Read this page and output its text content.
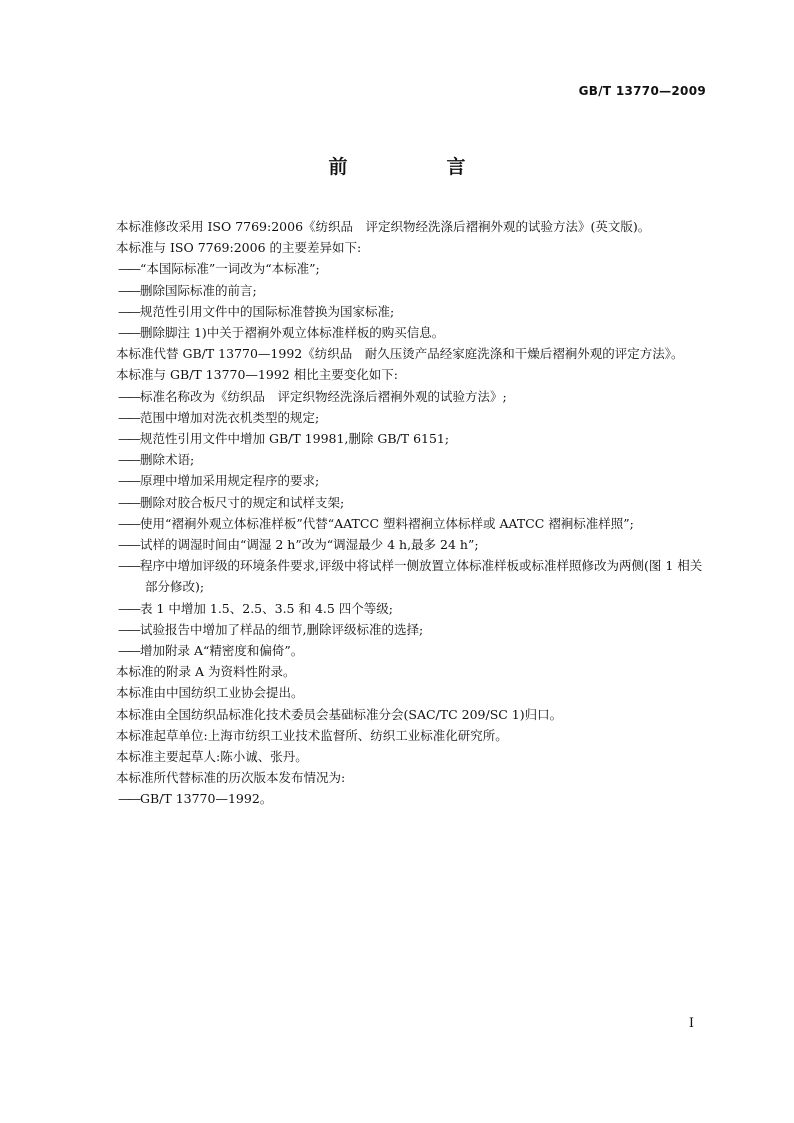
GB/T 13770—2009
前　言

本标准修改采用 ISO 7769:2006《纺织品　评定织物经洗涤后褶裥外观的试验方法》(英文版)。

本标准与 ISO 7769:2006 的主要差异如下:

—— “本国际标准”一词改为“本标准”;

—— 删除国际标准的前言;

—— 规范性引用文件中的国际标准替换为国家标准;

—— 删除脚注 1)中关于褶裥外观立体标准样板的购买信息。

本标准代替 GB/T 13770—1992《纺织品　耐久压烫产品经家庭洗涤和干燥后褶裥外观的评定方法》。

本标准与 GB/T 13770—1992 相比主要变化如下:

—— 标准名称改为《纺织品　评定织物经洗涤后褶裥外观的试验方法》;

—— 范围中增加对洗衣机类型的规定;

—— 规范性引用文件中增加 GB/T 19981,删除 GB/T 6151;

—— 删除术语;

—— 原理中增加采用规定程序的要求;

—— 删除对胶合板尺寸的规定和试样支架;

—— 使用“褶裥外观立体标准样板”代替“AATCC 塑料褶裥立体标样或 AATCC 褶裥标准样照”;

—— 试样的调湿时间由“调湿 2 h”改为“调湿最少 4 h,最多 24 h”;

—— 程序中增加评级的环境条件要求,评级中将试样一侧放置立体标准样板或标准样照修改为两侧(图 1 相关部分修改);

—— 表 1 中增加 1.5、2.5、3.5 和 4.5 四个等级;

—— 试验报告中增加了样品的细节,删除评级标准的选择;

—— 增加附录 A“精密度和偏倚”。

本标准的附录 A 为资料性附录。

本标准由中国纺织工业协会提出。

本标准由全国纺织品标准化技术委员会基础标准分会(SAC/TC 209/SC 1)归口。

本标准起草单位:上海市纺织工业技术监督所、纺织工业标准化研究所。

本标准主要起草人:陈小诚、张丹。

本标准所代替标准的历次版本发布情况为:

—— GB/T 13770—1992。

I
